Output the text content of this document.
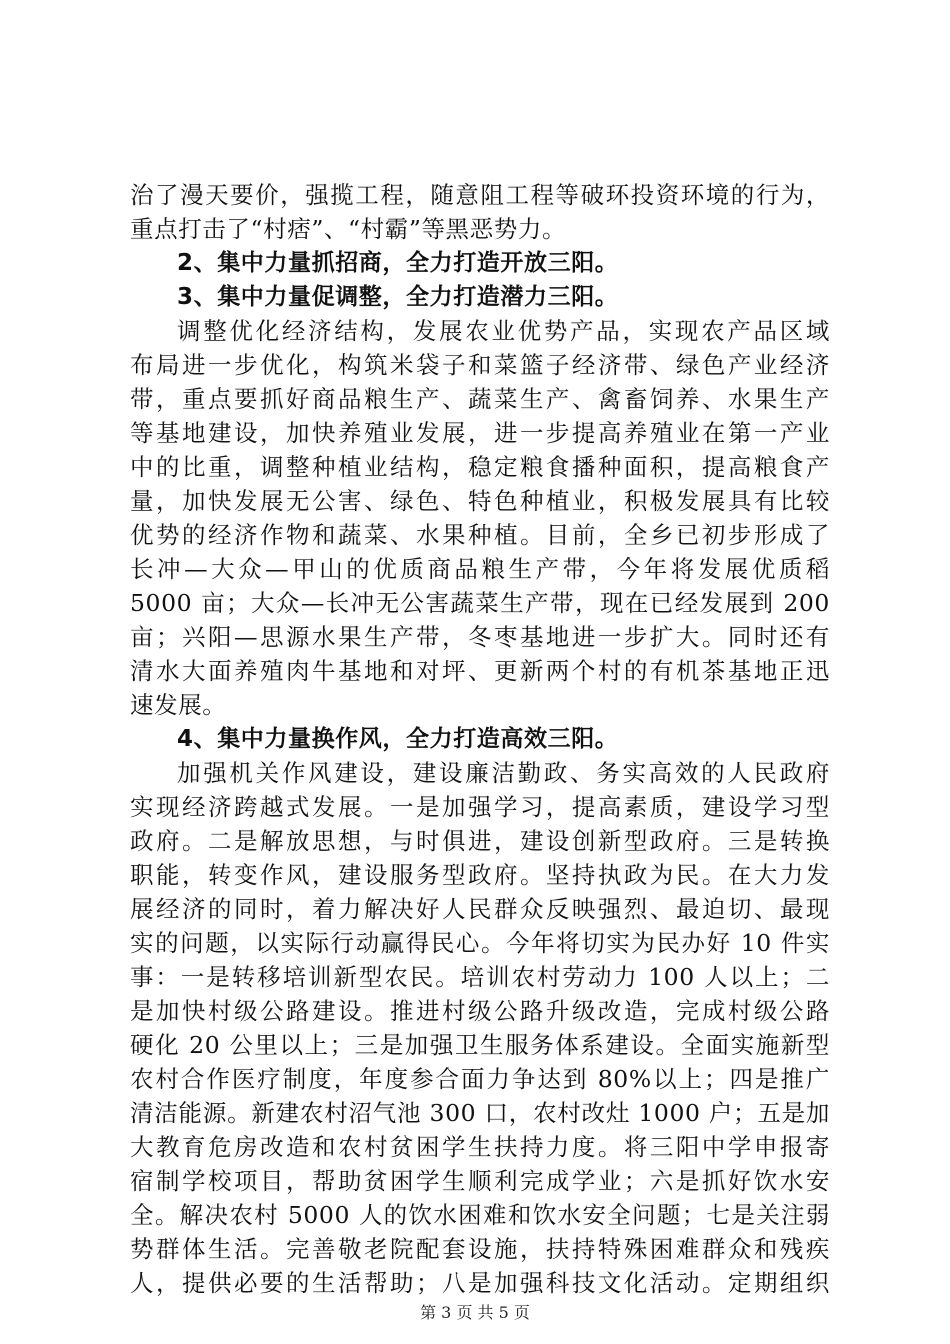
治了漫天要价，强揽工程，随意阻工程等破环投资环境的行为，
重点打击了“村痞”、“村霸”等黑恶势力。
2、集中力量抓招商，全力打造开放三阳。
3、集中力量促调整，全力打造潜力三阳。
调整优化经济结构，发展农业优势产品，实现农产品区域
布局进一步优化，构筑米袋子和菜篮子经济带、绿色产业经济
带，重点要抓好商品粮生产、蔬菜生产、禽畜饲养、水果生产
等基地建设，加快养殖业发展，进一步提高养殖业在第一产业
中的比重，调整种植业结构，稳定粮食播种面积，提高粮食产
量，加快发展无公害、绿色、特色种植业，积极发展具有比较
优势的经济作物和蔬菜、水果种植。目前，全乡已初步形成了
长冲—大众—甲山的优质商品粮生产带，今年将发展优质稻
5000 亩；大众—长冲无公害蔬菜生产带，现在已经发展到 200
亩；兴阳—思源水果生产带，冬枣基地进一步扩大。同时还有
清水大面养殖肉牛基地和对坪、更新两个村的有机茶基地正迅
速发展。
4、集中力量换作风，全力打造高效三阳。
加强机关作风建设，建设廉洁勤政、务实高效的人民政府
实现经济跨越式发展。一是加强学习，提高素质，建设学习型
政府。二是解放思想，与时俱进，建设创新型政府。三是转换
职能，转变作风，建设服务型政府。坚持执政为民。在大力发
展经济的同时，着力解决好人民群众反映强烈、最迫切、最现
实的问题，以实际行动赢得民心。今年将切实为民办好 10 件实
事：一是转移培训新型农民。培训农村劳动力 100 人以上；二
是加快村级公路建设。推进村级公路升级改造，完成村级公路
硬化 20 公里以上；三是加强卫生服务体系建设。全面实施新型
农村合作医疗制度，年度参合面力争达到 80%以上；四是推广
清洁能源。新建农村沼气池 300 口，农村改灶 1000 户；五是加
大教育危房改造和农村贫困学生扶持力度。将三阳中学申报寄
宿制学校项目，帮助贫困学生顺利完成学业；六是抓好饮水安
全。解决农村 5000 人的饮水困难和饮水安全问题；七是关注弱
势群体生活。完善敬老院配套设施，扶持特殊困难群众和残疾
人，提供必要的生活帮助；八是加强科技文化活动。定期组织
第 3 页 共 5 页
